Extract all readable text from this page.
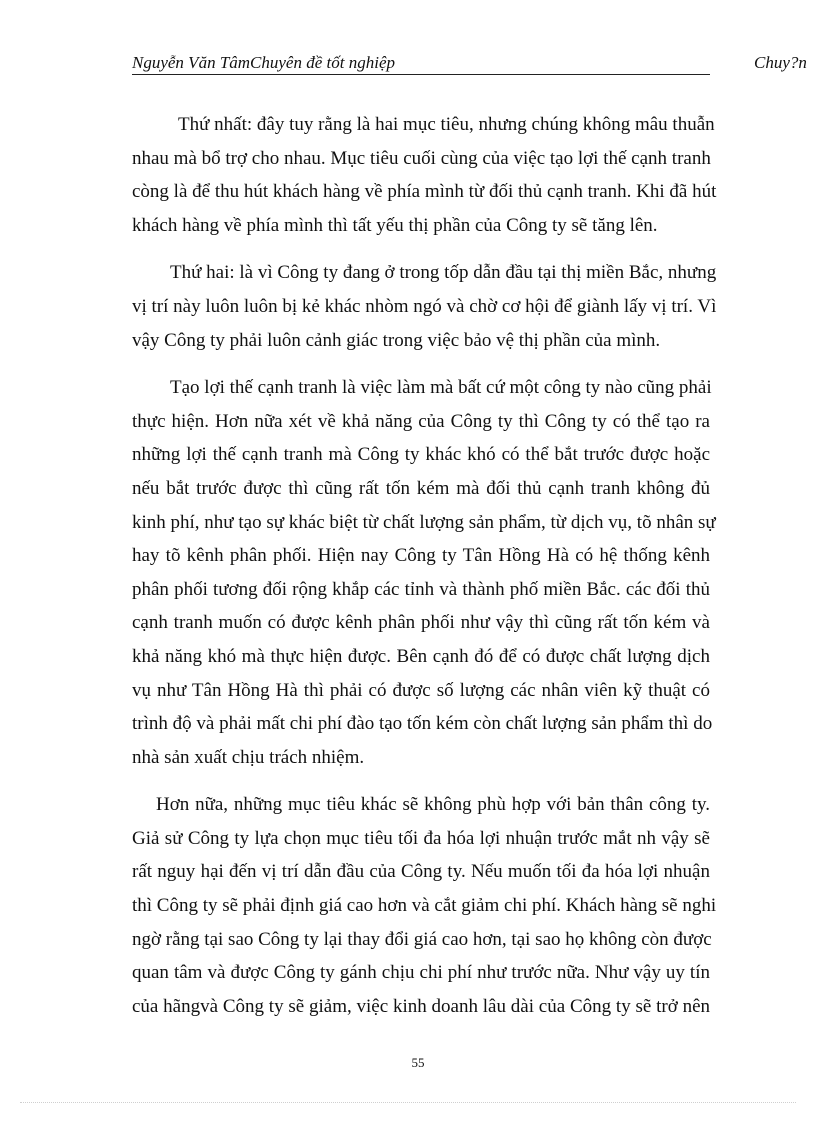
Nguyễn Văn TâmChuyên đề tốt nghiệp	Chuy?n

Thứ nhất: đây tuy rằng là hai mục tiêu, nhưng chúng không mâu thuẫn
nhau mà bổ trợ cho nhau. Mục tiêu cuối cùng của việc tạo lợi thế cạnh tranh
còng là để thu hút khách hàng về phía mình từ đối thủ cạnh tranh. Khi đã hút
khách hàng về phía mình thì tất yếu thị phần của Công ty sẽ tăng lên.

Thứ hai: là vì Công ty đang ở trong tốp dẫn đầu tại thị miền Bắc, nhưng
vị trí này luôn luôn bị kẻ khác nhòm ngó và chờ cơ hội để giành lấy vị trí. Vì
vậy Công ty phải luôn cảnh giác trong việc bảo vệ thị phần của mình.

Tạo lợi thế cạnh tranh là việc làm mà bất cứ một công ty nào cũng phải
thực hiện. Hơn nữa xét về khả năng của Công ty thì Công ty có thể tạo ra
những lợi thế cạnh tranh mà Công ty khác khó có thể bắt trước được hoặc
nếu bắt trước được thì cũng rất tốn kém mà đối thủ cạnh tranh không đủ
kinh phí, như tạo sự khác biệt từ chất lượng sản phẩm, từ dịch vụ, tõ nhân sự
hay tõ kênh phân phối. Hiện nay Công ty Tân Hồng Hà có hệ thống kênh
phân phối tương đối rộng khắp các tỉnh và thành phố miền Bắc. các đối thủ
cạnh tranh muốn có được kênh phân phối như vậy thì cũng rất tốn kém và
khả năng khó mà thực hiện được. Bên cạnh đó để có được chất lượng dịch
vụ như Tân Hồng Hà thì phải có được số lượng các nhân viên kỹ thuật có
trình độ và phải mất chi phí đào tạo tốn kém còn chất lượng sản phẩm thì do
nhà sản xuất chịu trách nhiệm.

Hơn nữa, những mục tiêu khác sẽ không phù hợp với bản thân công ty.
Giả sử Công ty lựa chọn mục tiêu tối đa hóa lợi nhuận trước mắt nh vậy sẽ
rất nguy hại đến vị trí dẫn đầu của Công ty. Nếu muốn tối đa hóa lợi nhuận
thì Công ty sẽ phải định giá cao hơn và cắt giảm chi phí. Khách hàng sẽ nghi
ngờ rằng tại sao Công ty lại thay đổi giá cao hơn, tại sao họ không còn được
quan tâm và được Công ty gánh chịu chi phí như trước nữa. Như vậy uy tín
của hãngvà Công ty sẽ giảm, việc kinh doanh lâu dài của Công ty sẽ trở nên

55
